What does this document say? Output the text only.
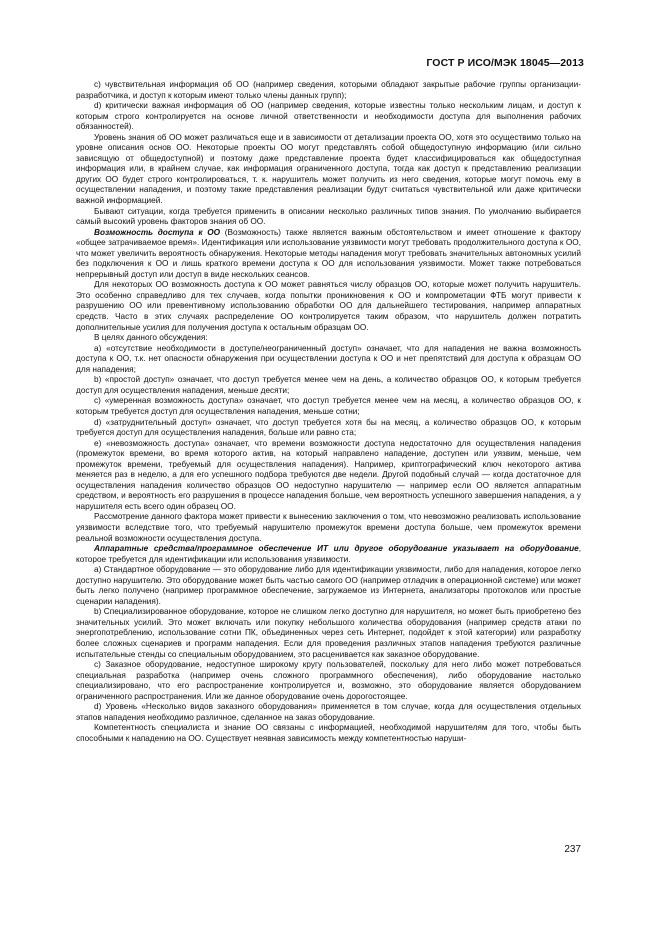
ГОСТ Р ИСО/МЭК 18045—2013

с) чувствительная информация об ОО (например сведения, которыми обладают закрытые рабочие группы организации-разработчика, и доступ к которым имеют только члены данных групп);

d) критически важная информация об ОО (например сведения, которые известны только нескольким лицам, и доступ к которым строго контролируется на основе личной ответственности и необходимости доступа для выполнения рабочих обязанностей).

Уровень знания об ОО может различаться еще и в зависимости от детализации проекта ОО, хотя это осуществимо только на уровне описания основ ОО. Некоторые проекты ОО могут представлять собой общедоступную информацию (или сильно зависящую от общедоступной) и поэтому даже представление проекта будет классифицироваться как общедоступная информация или, в крайнем случае, как информация ограниченного доступа, тогда как доступ к представлению реализации других ОО будет строго контролироваться, т. к. нарушитель может получить из него сведения, которые могут помочь ему в осуществлении нападения, и поэтому такие представления реализации будут считаться чувствительной или даже критически важной информацией.

Бывают ситуации, когда требуется применить в описании несколько различных типов знания. По умолчанию выбирается самый высокий уровень факторов знания об ОО.

Возможность доступа к ОО (Возможность) также является важным обстоятельством и имеет отношение к фактору «общее затрачиваемое время». Идентификация или использование уязвимости могут требовать продолжительного доступа к ОО, что может увеличить вероятность обнаружения. Некоторые методы нападения могут требовать значительных автономных усилий без подключения к ОО и лишь краткого времени доступа к ОО для использования уязвимости. Может также потребоваться непрерывный доступ или доступ в виде нескольких сеансов.

Для некоторых ОО возможность доступа к ОО может равняться числу образцов ОО, которые может получить нарушитель. Это особенно справедливо для тех случаев, когда попытки проникновения к ОО и компрометации ФТБ могут привести к разрушению ОО или превентивному использованию обработки ОО для дальнейшего тестирования, например аппаратных средств. Часто в этих случаях распределение ОО контролируется таким образом, что нарушитель должен потратить дополнительные усилия для получения доступа к остальным образцам ОО.

В целях данного обсуждения:

а) «отсутствие необходимости в доступе/неограниченный доступ» означает, что для нападения не важна возможность доступа к ОО, т.к. нет опасности обнаружения при осуществлении доступа к ОО и нет препятствий для доступа к образцам ОО для нападения;

b) «простой доступ» означает, что доступ требуется менее чем на день, а количество образцов ОО, к которым требуется доступ для осуществления нападения, меньше десяти;

с) «умеренная возможность доступа» означает, что доступ требуется менее чем на месяц, а количество образцов ОО, к которым требуется доступ для осуществления нападения, меньше сотни;

d) «затруднительный доступ» означает, что доступ требуется хотя бы на месяц, а количество образцов ОО, к которым требуется доступ для осуществления нападения, больше или равно ста;

е) «невозможность доступа» означает, что времени возможности доступа недостаточно для осуществления нападения (промежуток времени, во время которого актив, на который направлено нападение, доступен или уязвим, меньше, чем промежуток времени, требуемый для осуществления нападения). Например, криптографический ключ некоторого актива меняется раз в неделю, а для его успешного подбора требуются две недели. Другой подобный случай — когда достаточное для осуществления нападения количество образцов ОО недоступно нарушителю — например если ОО является аппаратным средством, и вероятность его разрушения в процессе нападения больше, чем вероятность успешного завершения нападения, а у нарушителя есть всего один образец ОО.

Рассмотрение данного фактора может привести к вынесению заключения о том, что невозможно реализовать использование уязвимости вследствие того, что требуемый нарушителю промежуток времени доступа больше, чем промежуток времени реальной возможности осуществления доступа.

Аппаратные средства/программное обеспечение ИТ или другое оборудование указывает на оборудование, которое требуется для идентификации или использования уязвимости.

а) Стандартное оборудование — это оборудование либо для идентификации уязвимости, либо для нападения, которое легко доступно нарушителю. Это оборудование может быть частью самого ОО (например отладчик в операционной системе) или может быть легко получено (например программное обеспечение, загружаемое из Интернета, анализаторы протоколов или простые сценарии нападения).

b) Специализированное оборудование, которое не слишком легко доступно для нарушителя, но может быть приобретено без значительных усилий. Это может включать или покупку небольшого количества оборудования (например средств атаки по энергопотреблению, использование сотни ПК, объединенных через сеть Интернет, подойдет к этой категории) или разработку более сложных сценариев и программ нападения. Если для проведения различных этапов нападения требуются различные испытательные стенды со специальным оборудованием, это расценивается как заказное оборудование.

с) Заказное оборудование, недоступное широкому кругу пользователей, поскольку для него либо может потребоваться специальная разработка (например очень сложного программного обеспечения), либо оборудование настолько специализировано, что его распространение контролируется и, возможно, это оборудование является оборудованием ограниченного распространения. Или же данное оборудование очень дорогостоящее.

d) Уровень «Несколько видов заказного оборудования» применяется в том случае, когда для осуществления отдельных этапов нападения необходимо различное, сделанное на заказ оборудование.

Компетентность специалиста и знание ОО связаны с информацией, необходимой нарушителям для того, чтобы быть способными к нападению на ОО. Существует неявная зависимость между компетентностью наруши-

237
